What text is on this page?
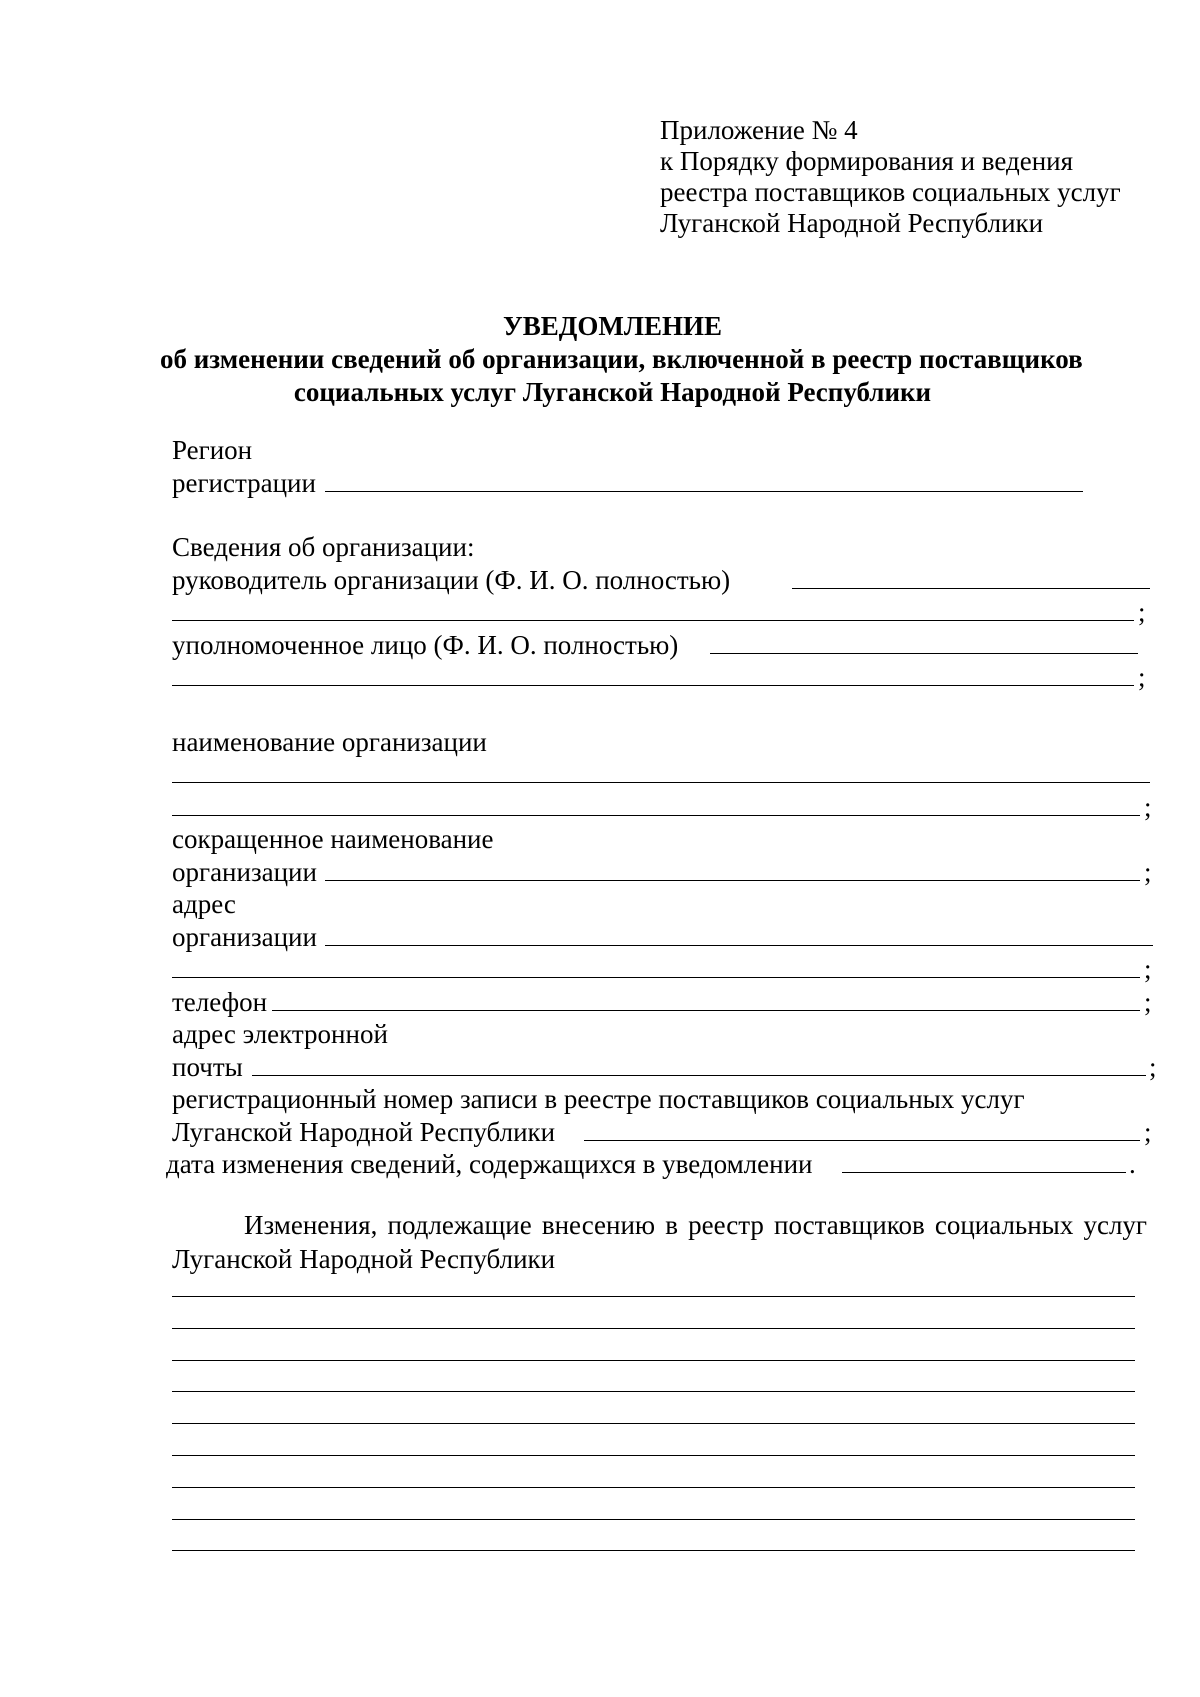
Приложение № 4
к Порядку формирования и ведения
реестра поставщиков социальных услуг
Луганской Народной Республики
УВЕДОМЛЕНИЕ
об изменении сведений об организации, включенной в реестр поставщиков
социальных услуг Луганской Народной Республики
Регион
регистрации
Сведения об организации:
руководитель организации (Ф. И. О. полностью)
;
уполномоченное лицо (Ф. И. О. полностью)
;
наименование организации
;
сокращенное наименование
организации	;
адрес
организации
;
телефон	;
адрес электронной
почты	;
регистрационный номер записи в реестре поставщиков социальных услуг
Луганской Народной Республики	;
дата изменения сведений, содержащихся в уведомлении	.
Изменения, подлежащие внесению в реестр поставщиков социальных услуг Луганской Народной Республики
